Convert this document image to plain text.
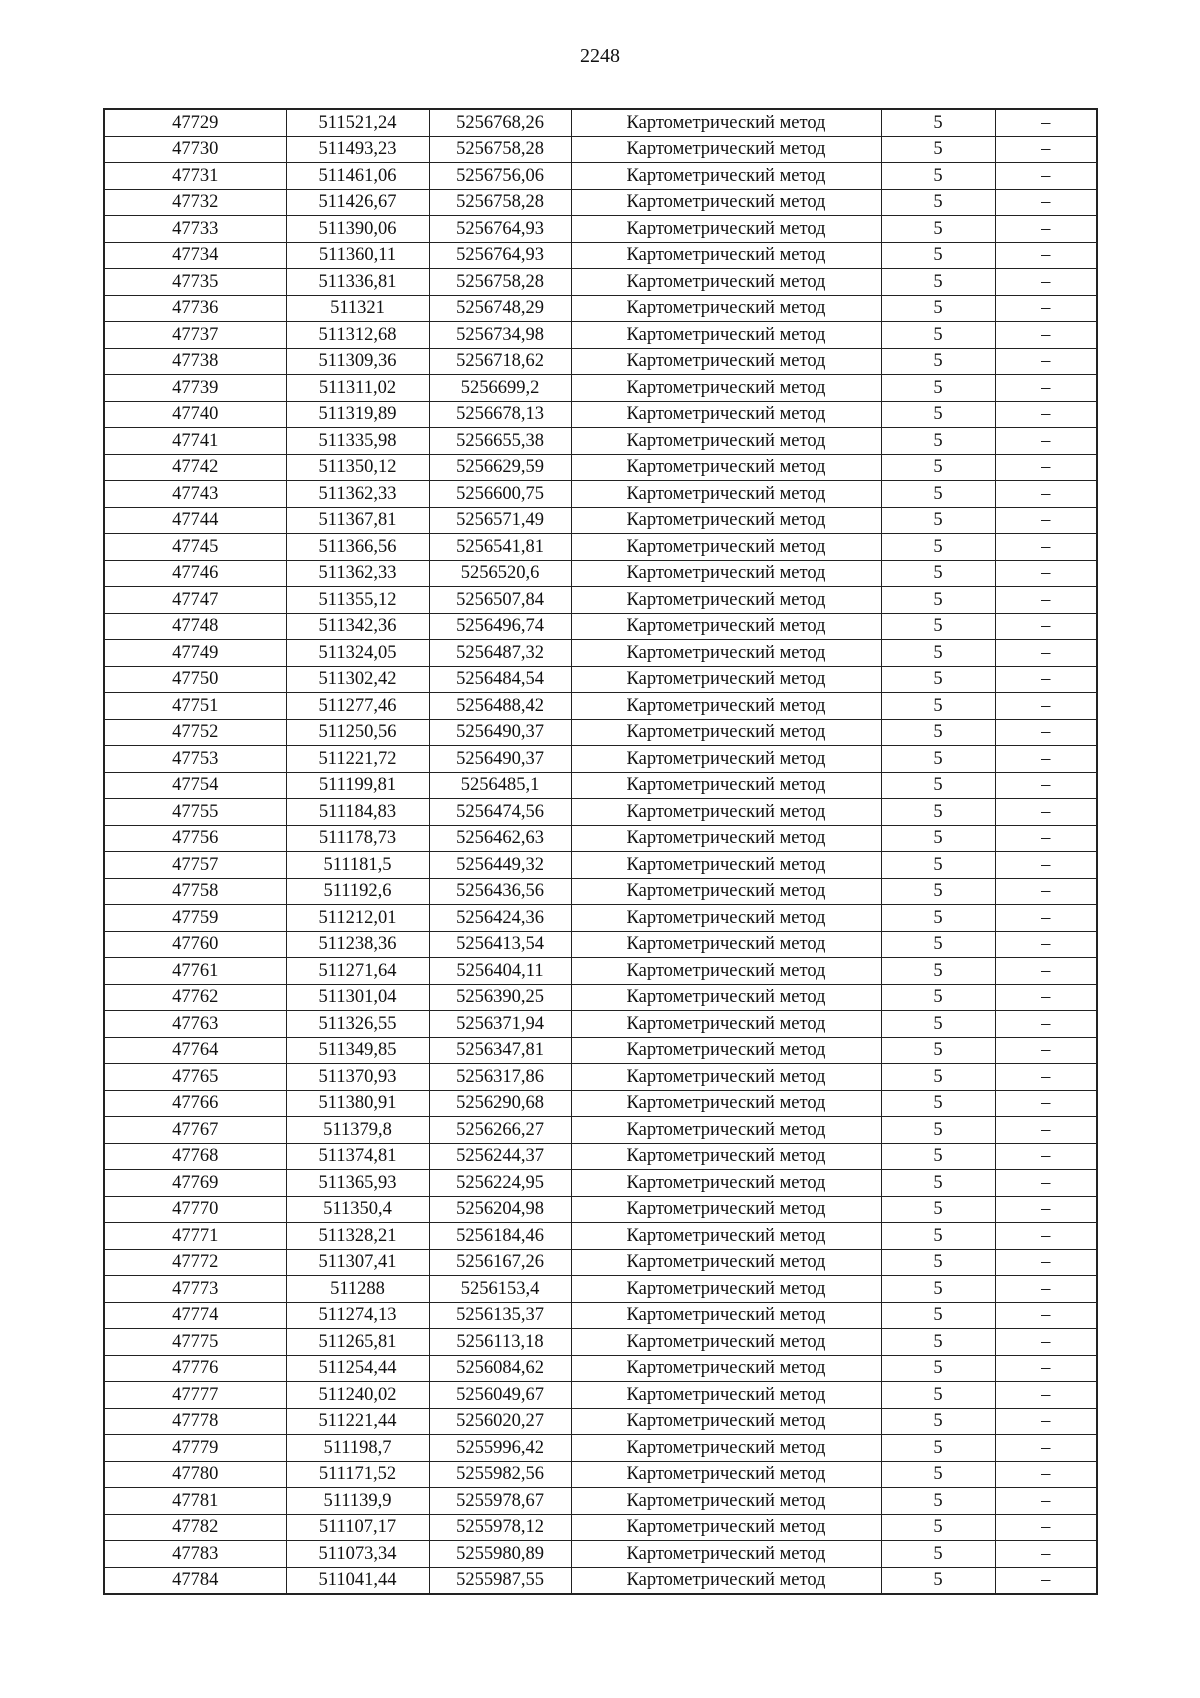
2248
47729	511521,24	5256768,26	Картометрический метод	5	–
47730	511493,23	5256758,28	Картометрический метод	5	–
47731	511461,06	5256756,06	Картометрический метод	5	–
47732	511426,67	5256758,28	Картометрический метод	5	–
47733	511390,06	5256764,93	Картометрический метод	5	–
47734	511360,11	5256764,93	Картометрический метод	5	–
47735	511336,81	5256758,28	Картометрический метод	5	–
47736	511321	5256748,29	Картометрический метод	5	–
47737	511312,68	5256734,98	Картометрический метод	5	–
47738	511309,36	5256718,62	Картометрический метод	5	–
47739	511311,02	5256699,2	Картометрический метод	5	–
47740	511319,89	5256678,13	Картометрический метод	5	–
47741	511335,98	5256655,38	Картометрический метод	5	–
47742	511350,12	5256629,59	Картометрический метод	5	–
47743	511362,33	5256600,75	Картометрический метод	5	–
47744	511367,81	5256571,49	Картометрический метод	5	–
47745	511366,56	5256541,81	Картометрический метод	5	–
47746	511362,33	5256520,6	Картометрический метод	5	–
47747	511355,12	5256507,84	Картометрический метод	5	–
47748	511342,36	5256496,74	Картометрический метод	5	–
47749	511324,05	5256487,32	Картометрический метод	5	–
47750	511302,42	5256484,54	Картометрический метод	5	–
47751	511277,46	5256488,42	Картометрический метод	5	–
47752	511250,56	5256490,37	Картометрический метод	5	–
47753	511221,72	5256490,37	Картометрический метод	5	–
47754	511199,81	5256485,1	Картометрический метод	5	–
47755	511184,83	5256474,56	Картометрический метод	5	–
47756	511178,73	5256462,63	Картометрический метод	5	–
47757	511181,5	5256449,32	Картометрический метод	5	–
47758	511192,6	5256436,56	Картометрический метод	5	–
47759	511212,01	5256424,36	Картометрический метод	5	–
47760	511238,36	5256413,54	Картометрический метод	5	–
47761	511271,64	5256404,11	Картометрический метод	5	–
47762	511301,04	5256390,25	Картометрический метод	5	–
47763	511326,55	5256371,94	Картометрический метод	5	–
47764	511349,85	5256347,81	Картометрический метод	5	–
47765	511370,93	5256317,86	Картометрический метод	5	–
47766	511380,91	5256290,68	Картометрический метод	5	–
47767	511379,8	5256266,27	Картометрический метод	5	–
47768	511374,81	5256244,37	Картометрический метод	5	–
47769	511365,93	5256224,95	Картометрический метод	5	–
47770	511350,4	5256204,98	Картометрический метод	5	–
47771	511328,21	5256184,46	Картометрический метод	5	–
47772	511307,41	5256167,26	Картометрический метод	5	–
47773	511288	5256153,4	Картометрический метод	5	–
47774	511274,13	5256135,37	Картометрический метод	5	–
47775	511265,81	5256113,18	Картометрический метод	5	–
47776	511254,44	5256084,62	Картометрический метод	5	–
47777	511240,02	5256049,67	Картометрический метод	5	–
47778	511221,44	5256020,27	Картометрический метод	5	–
47779	511198,7	5255996,42	Картометрический метод	5	–
47780	511171,52	5255982,56	Картометрический метод	5	–
47781	511139,9	5255978,67	Картометрический метод	5	–
47782	511107,17	5255978,12	Картометрический метод	5	–
47783	511073,34	5255980,89	Картометрический метод	5	–
47784	511041,44	5255987,55	Картометрический метод	5	–
